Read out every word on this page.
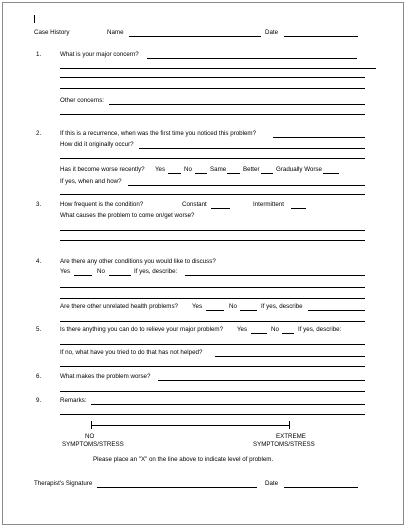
Case History	Name	Date
1.	What is your major concern?
Other concerns:
2.	If this is a recurrence, when was the first time you noticed this problem?
How did it originally occur?
Has it become worse recently? Yes	No	Same	Better	Gradually Worse
If yes, when and how?
3.	How frequent is the condition?	Constant	Intermittent
What causes the problem to come on/get worse?
4.	Are there any other conditions you would like to discuss?
Yes	No	If yes, describe:
Are there other unrelated health problems? Yes	No	If yes, describe
5.	Is there anything you can do to relieve your major problem? Yes	No	If yes, describe:
If no, what have you tried to do that has not helped?
6.	What makes the problem worse?
9.	Remarks:
NO
SYMPTOMS/STRESS
EXTREME
SYMPTOMS/STRESS
Please place an "X" on the line above to indicate level of problem.
Therapist's Signature	Date
